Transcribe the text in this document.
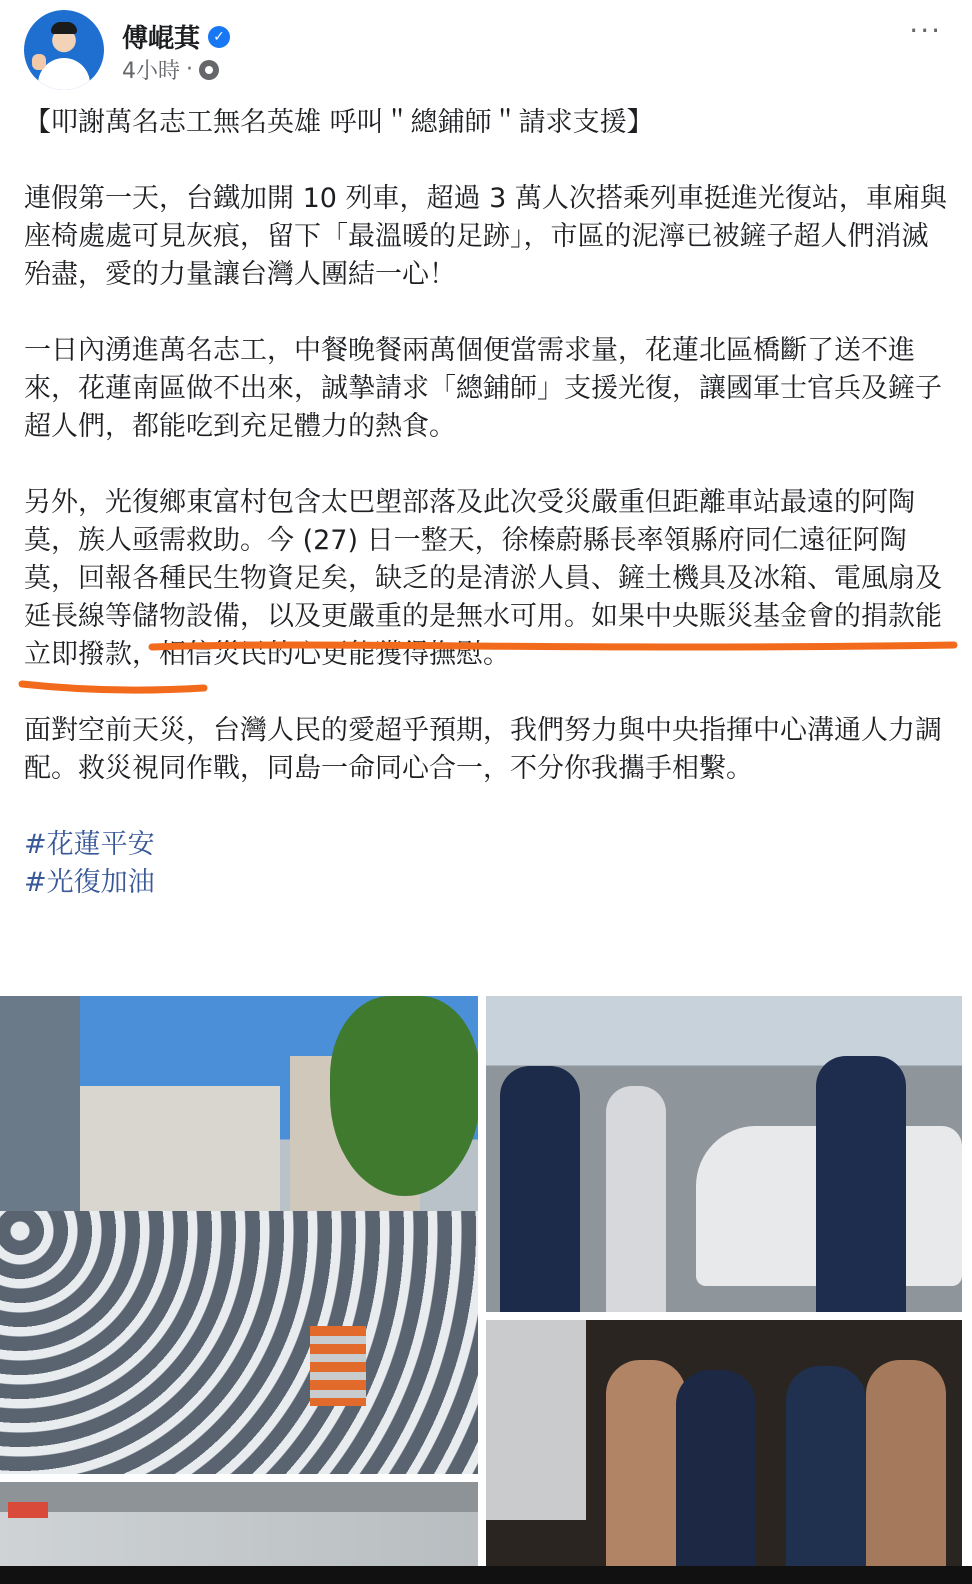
傅崐萁 ✓
4小時 ·
···
【叩謝萬名志工無名英雄 呼叫＂總鋪師＂請求支援】

連假第一天，台鐵加開 10 列車，超過 3 萬人次搭乘列車挺進光復站，車廂與座椅處處可見灰痕，留下「最溫暖的足跡」，市區的泥濘已被鏟子超人們消滅殆盡，愛的力量讓台灣人團結一心！

一日內湧進萬名志工，中餐晚餐兩萬個便當需求量，花蓮北區橋斷了送不進來，花蓮南區做不出來，誠摯請求「總鋪師」支援光復，讓國軍士官兵及鏟子超人們，都能吃到充足體力的熱食。

另外，光復鄉東富村包含太巴塱部落及此次受災嚴重但距離車站最遠的阿陶莫，族人亟需救助。今 (27) 日一整天，徐榛蔚縣長率領縣府同仁遠征阿陶莫，回報各種民生物資足矣，缺乏的是清淤人員、鏟土機具及冰箱、電風扇及延長線等儲物設備，以及更嚴重的是無水可用。如果中央賑災基金會的捐款能立即撥款，相信災民的心更能獲得撫慰。

面對空前天災，台灣人民的愛超乎預期，我們努力與中央指揮中心溝通人力調配。救災視同作戰，同島一命同心合一，不分你我攜手相繫。

#花蓮平安
#光復加油
